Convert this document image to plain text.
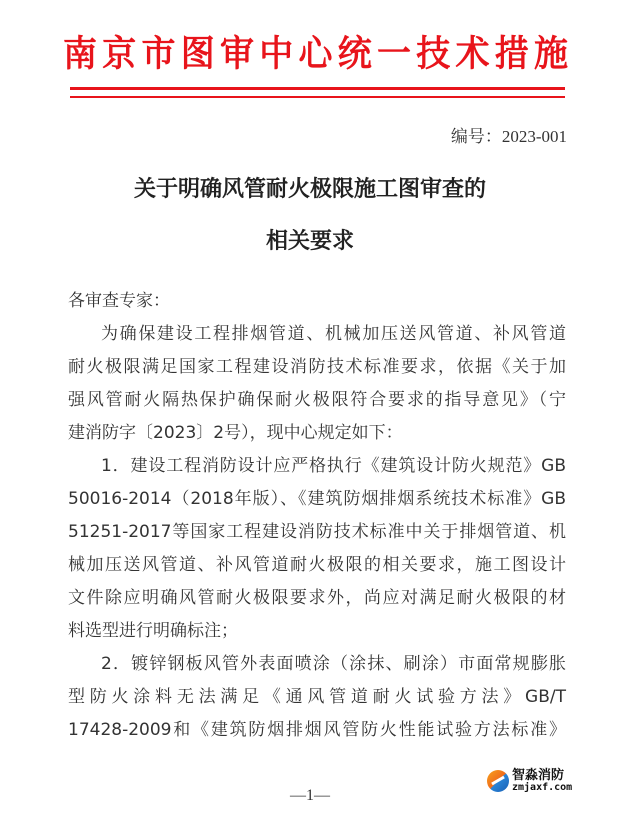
南京市图审中心统一技术措施
编号：2023-001
关于明确风管耐火极限施工图审查的
相关要求
各审查专家：
为确保建设工程排烟管道、机械加压送风管道、补风管道
耐火极限满足国家工程建设消防技术标准要求，依据《关于加
强风管耐火隔热保护确保耐火极限符合要求的指导意见》（宁
建消防字〔2023〕2号），现中心规定如下：
1．建设工程消防设计应严格执行《建筑设计防火规范》GB
50016-2014（2018年版）、《建筑防烟排烟系统技术标准》GB
51251-2017等国家工程建设消防技术标准中关于排烟管道、机
械加压送风管道、补风管道耐火极限的相关要求，施工图设计
文件除应明确风管耐火极限要求外，尚应对满足耐火极限的材
料选型进行明确标注；
2．镀锌钢板风管外表面喷涂（涂抹、刷涂）市面常规膨胀
型防火涂料无法满足《通风管道耐火试验方法》GB/T
17428-2009和《建筑防烟排烟风管防火性能试验方法标准》
—1—
智淼消防
zmjaxf.com
